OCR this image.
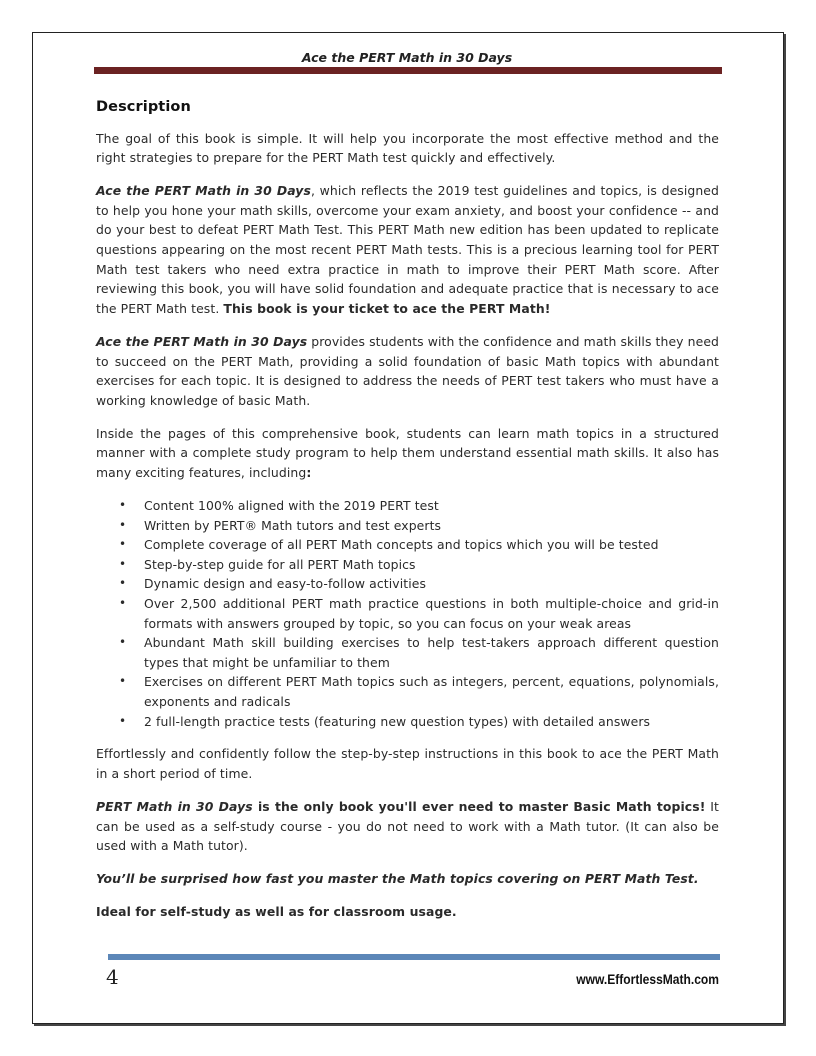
Ace the PERT Math in 30 Days
Description

The goal of this book is simple. It will help you incorporate the most effective method and the right strategies to prepare for the PERT Math test quickly and effectively.

Ace the PERT Math in 30 Days, which reflects the 2019 test guidelines and topics, is designed to help you hone your math skills, overcome your exam anxiety, and boost your confidence -- and do your best to defeat PERT Math Test. This PERT Math new edition has been updated to replicate questions appearing on the most recent PERT Math tests. This is a precious learning tool for PERT Math test takers who need extra practice in math to improve their PERT Math score. After reviewing this book, you will have solid foundation and adequate practice that is necessary to ace the PERT Math test. This book is your ticket to ace the PERT Math!

Ace the PERT Math in 30 Days provides students with the confidence and math skills they need to succeed on the PERT Math, providing a solid foundation of basic Math topics with abundant exercises for each topic. It is designed to address the needs of PERT test takers who must have a working knowledge of basic Math.

Inside the pages of this comprehensive book, students can learn math topics in a structured manner with a complete study program to help them understand essential math skills. It also has many exciting features, including:

• Content 100% aligned with the 2019 PERT test
• Written by PERT® Math tutors and test experts
• Complete coverage of all PERT Math concepts and topics which you will be tested
• Step-by-step guide for all PERT Math topics
• Dynamic design and easy-to-follow activities
• Over 2,500 additional PERT math practice questions in both multiple-choice and grid-in formats with answers grouped by topic, so you can focus on your weak areas
• Abundant Math skill building exercises to help test-takers approach different question types that might be unfamiliar to them
• Exercises on different PERT Math topics such as integers, percent, equations, polynomials, exponents and radicals
• 2 full-length practice tests (featuring new question types) with detailed answers

Effortlessly and confidently follow the step-by-step instructions in this book to ace the PERT Math in a short period of time.

PERT Math in 30 Days is the only book you'll ever need to master Basic Math topics! It can be used as a self-study course - you do not need to work with a Math tutor. (It can also be used with a Math tutor).

You’ll be surprised how fast you master the Math topics covering on PERT Math Test.

Ideal for self-study as well as for classroom usage.

4	www.EffortlessMath.com
